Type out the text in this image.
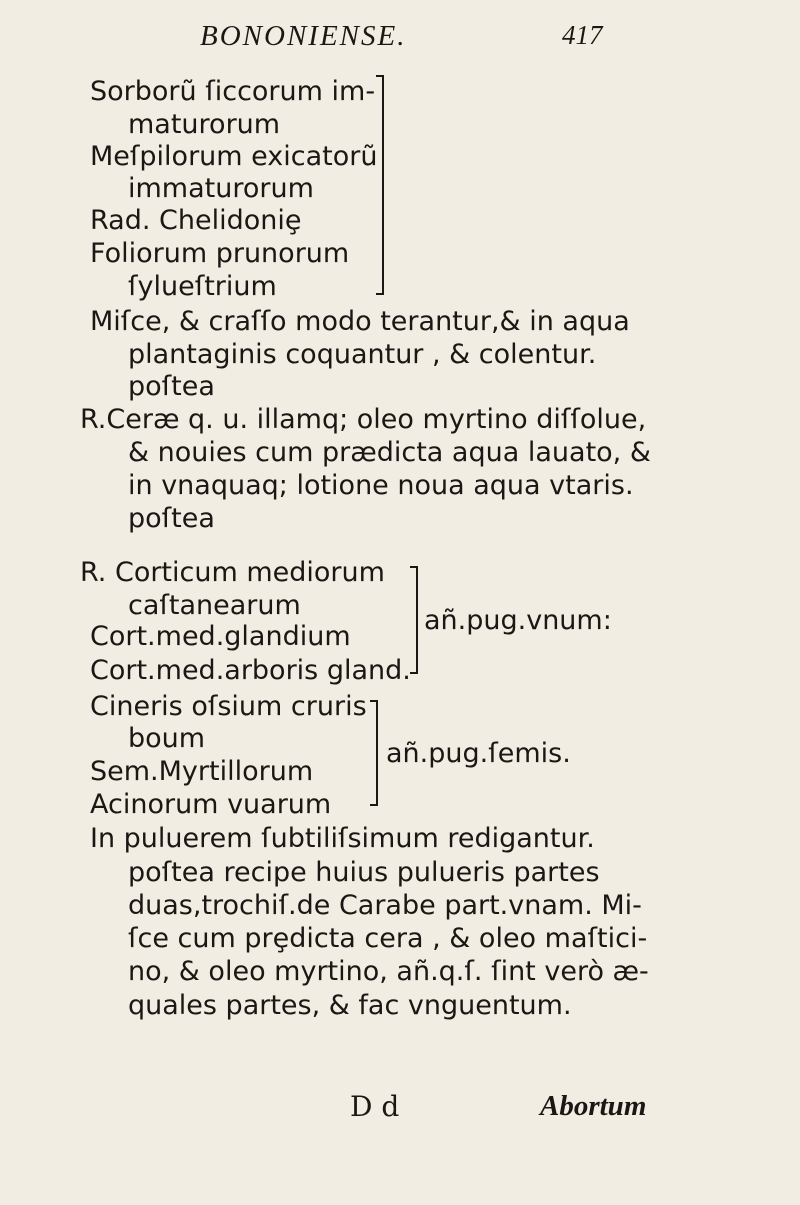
BONONIENSE.	417
Sorborũ ſiccorum im-
maturorum
Meſpilorum exicatorũ
immaturorum
Rad. Chelidoniȩ
Foliorum prunorum
ſylueſtrium
Miſce, & craſſo modo terantur,& in aqua
plantaginis coquantur , & colentur.
poſtea
R.Ceræ q. u. illamq; oleo myrtino diſſolue,
& nouies cum prædicta aqua lauato, &
in vnaquaq; lotione noua aqua vtaris.
poſtea
R. Corticum mediorum
caſtanearum
Cort.med.glandium
Cort.med.arboris gland.
añ.pug.vnum:
Cineris oſsium cruris
boum
Sem.Myrtillorum
Acinorum vuarum
añ.pug.ſemis.
In puluerem ſubtiliſsimum redigantur.
poſtea recipe huius pulueris partes
duas,trochiſ.de Carabe part.vnam. Mi-
ſce cum prȩdicta cera , & oleo maſtici-
no, & oleo myrtino, añ.q.ſ. ſint verò æ-
quales partes, & fac vnguentum.
D d	Abortum
